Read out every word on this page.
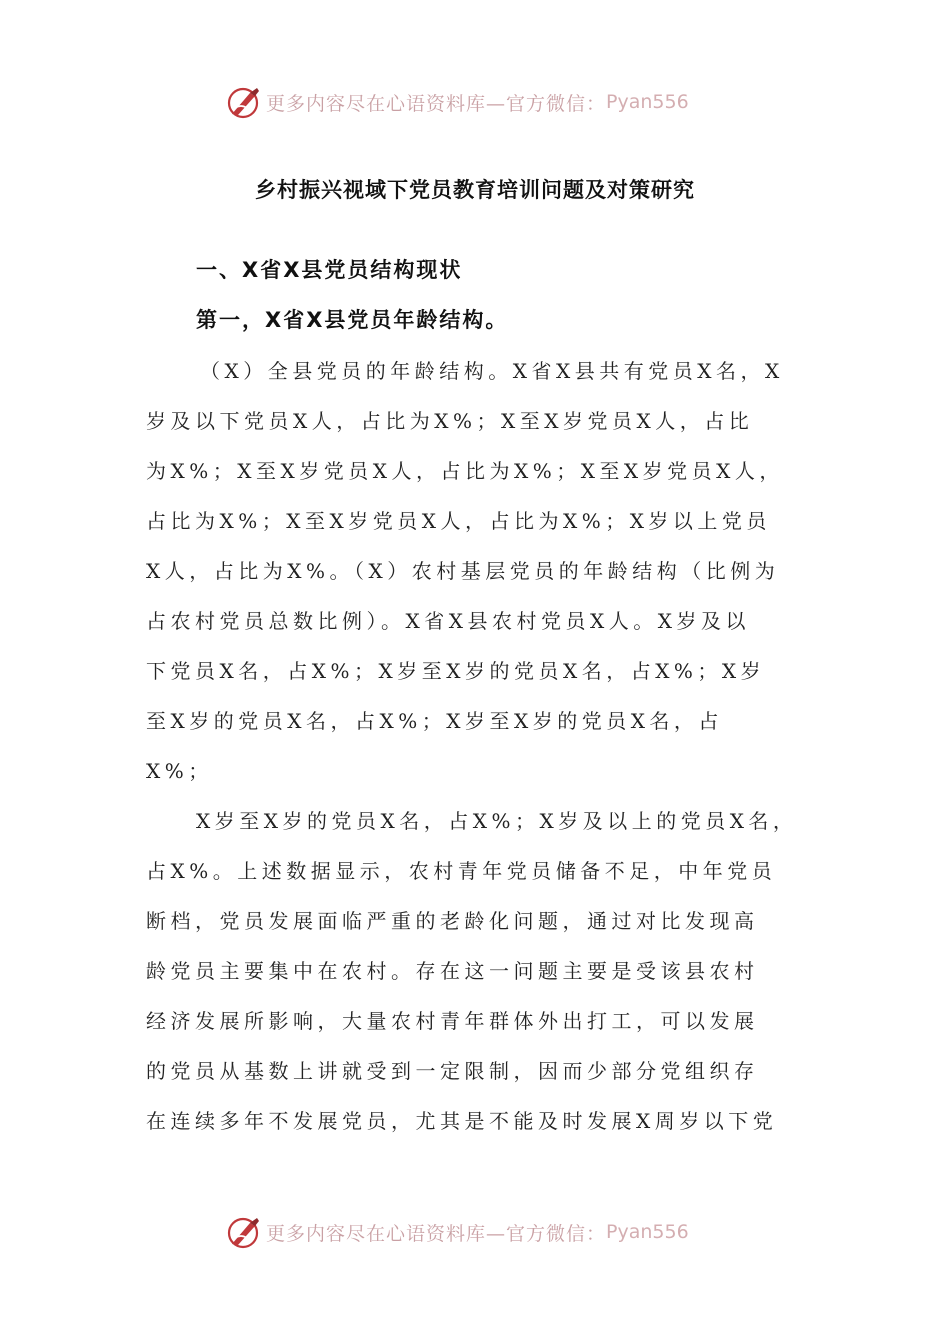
更多内容尽在心语资料库— 官方微信： Pyan556
乡村振兴视域下党员教育培训问题及对策研究
一、X省X县党员结构现状
第一，X省X县党员年龄结构。
（X）全县党员的年龄结构。X省X县共有党员X名，X
岁及以下党员X人，占比为X%；X至X岁党员X人，占比
为X%；X至X岁党员X人，占比为X%；X至X岁党员X人，
占比为X%；X至X岁党员X人，占比为X%；X岁以上党员
X人，占比为X%。（X）农村基层党员的年龄结构（比例为
占农村党员总数比例）。X省X县农村党员X人。X岁及以
下党员X名，占X%；X岁至X岁的党员X名，占X%；X岁
至X岁的党员X名，占X%；X岁至X岁的党员X名，占
X%；
X岁至X岁的党员X名，占X%；X岁及以上的党员X名，
占X%。上述数据显示，农村青年党员储备不足，中年党员
断档，党员发展面临严重的老龄化问题，通过对比发现高
龄党员主要集中在农村。存在这一问题主要是受该县农村
经济发展所影响，大量农村青年群体外出打工，可以发展
的党员从基数上讲就受到一定限制，因而少部分党组织存
在连续多年不发展党员，尤其是不能及时发展X周岁以下党
更多内容尽在心语资料库— 官方微信： Pyan556
